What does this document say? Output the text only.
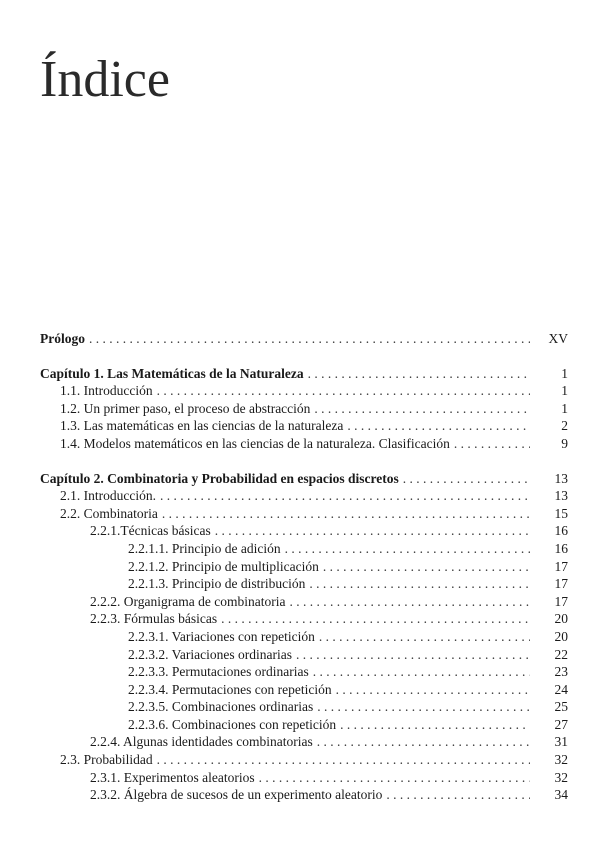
Índice
Prólogo . . .	XV
Capítulo 1. Las Matemáticas de la Naturaleza . . .	1
1.1. Introducción . . .	1
1.2. Un primer paso, el proceso de abstracción . . .	1
1.3. Las matemáticas en las ciencias de la naturaleza . . .	2
1.4. Modelos matemáticos en las ciencias de la naturaleza. Clasificación . . .	9
Capítulo 2. Combinatoria y Probabilidad en espacios discretos . . .	13
2.1. Introducción. . . .	13
2.2. Combinatoria . . .	15
2.2.1.Técnicas básicas . . .	16
2.2.1.1. Principio de adición . . .	16
2.2.1.2. Principio de multiplicación . . .	17
2.2.1.3. Principio de distribución . . .	17
2.2.2. Organigrama de combinatoria . . .	17
2.2.3. Fórmulas básicas . . .	20
2.2.3.1. Variaciones con repetición . . .	20
2.2.3.2. Variaciones ordinarias . . .	22
2.2.3.3. Permutaciones ordinarias . . .	23
2.2.3.4. Permutaciones con repetición . . .	24
2.2.3.5. Combinaciones ordinarias . . .	25
2.2.3.6. Combinaciones con repetición . . .	27
2.2.4. Algunas identidades combinatorias . . .	31
2.3. Probabilidad . . .	32
2.3.1. Experimentos aleatorios . . .	32
2.3.2. Álgebra de sucesos de un experimento aleatorio . . .	34
